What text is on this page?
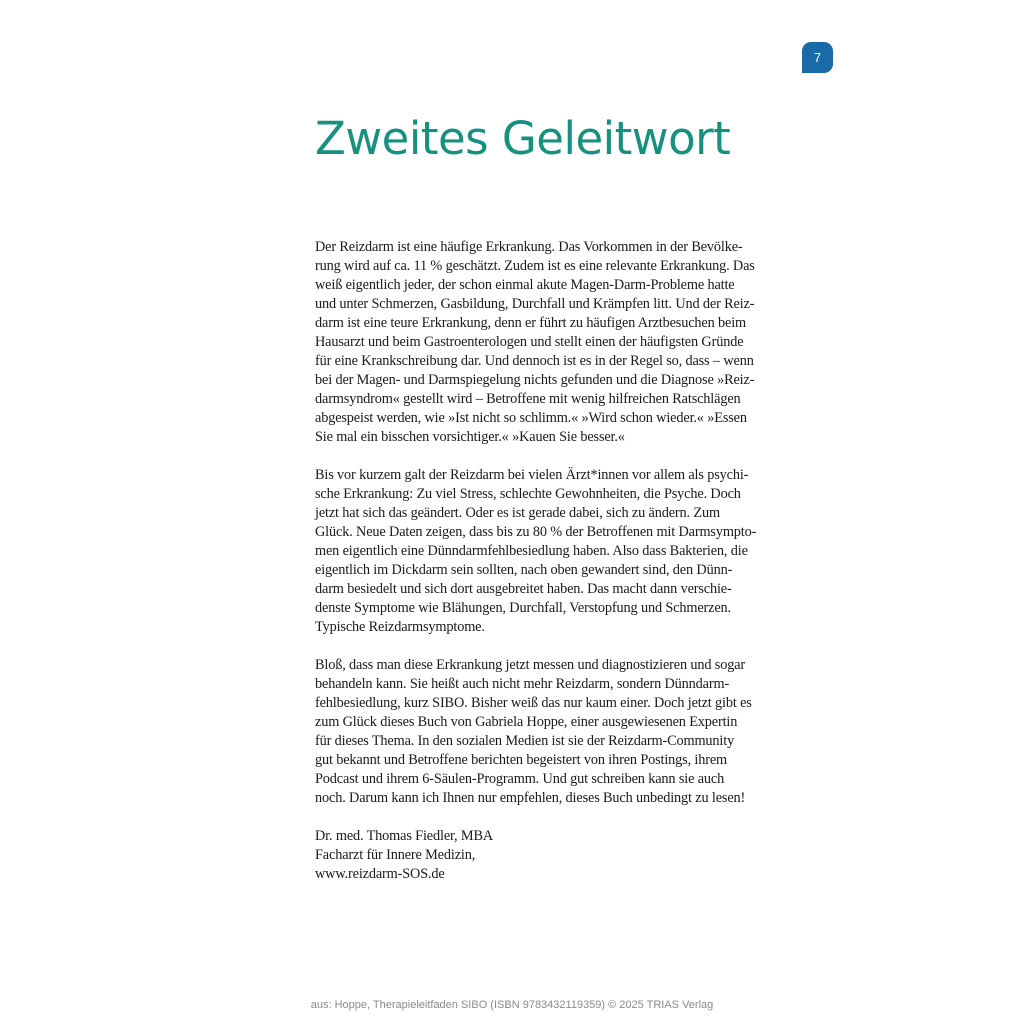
7
Zweites Geleitwort

Der Reizdarm ist eine häufige Erkrankung. Das Vorkommen in der Bevölke-
rung wird auf ca. 11 % geschätzt. Zudem ist es eine relevante Erkrankung. Das
weiß eigentlich jeder, der schon einmal akute Magen-Darm-Probleme hatte
und unter Schmerzen, Gasbildung, Durchfall und Krämpfen litt. Und der Reiz-
darm ist eine teure Erkrankung, denn er führt zu häufigen Arztbesuchen beim
Hausarzt und beim Gastroenterologen und stellt einen der häufigsten Gründe
für eine Krankschreibung dar. Und dennoch ist es in der Regel so, dass – wenn
bei der Magen- und Darmspiegelung nichts gefunden und die Diagnose »Reiz-
darmsyndrom« gestellt wird – Betroffene mit wenig hilfreichen Ratschlägen
abgespeist werden, wie »Ist nicht so schlimm.« »Wird schon wieder.« »Essen
Sie mal ein bisschen vorsichtiger.« »Kauen Sie besser.«

Bis vor kurzem galt der Reizdarm bei vielen Ärzt*innen vor allem als psychi-
sche Erkrankung: Zu viel Stress, schlechte Gewohnheiten, die Psyche. Doch
jetzt hat sich das geändert. Oder es ist gerade dabei, sich zu ändern. Zum
Glück. Neue Daten zeigen, dass bis zu 80 % der Betroffenen mit Darmsympto-
men eigentlich eine Dünndarmfehlbesiedlung haben. Also dass Bakterien, die
eigentlich im Dickdarm sein sollten, nach oben gewandert sind, den Dünn-
darm besiedelt und sich dort ausgebreitet haben. Das macht dann verschie-
denste Symptome wie Blähungen, Durchfall, Verstopfung und Schmerzen.
Typische Reizdarmsymptome.

Bloß, dass man diese Erkrankung jetzt messen und diagnostizieren und sogar
behandeln kann. Sie heißt auch nicht mehr Reizdarm, sondern Dünndarm-
fehlbesiedlung, kurz SIBO. Bisher weiß das nur kaum einer. Doch jetzt gibt es
zum Glück dieses Buch von Gabriela Hoppe, einer ausgewiesenen Expertin
für dieses Thema. In den sozialen Medien ist sie der Reizdarm-Community
gut bekannt und Betroffene berichten begeistert von ihren Postings, ihrem
Podcast und ihrem 6-Säulen-Programm. Und gut schreiben kann sie auch
noch. Darum kann ich Ihnen nur empfehlen, dieses Buch unbedingt zu lesen!

Dr. med. Thomas Fiedler, MBA
Facharzt für Innere Medizin,
www.reizdarm-SOS.de

aus: Hoppe, Therapieleitfaden SIBO (ISBN 9783432119359) © 2025 TRIAS Verlag
